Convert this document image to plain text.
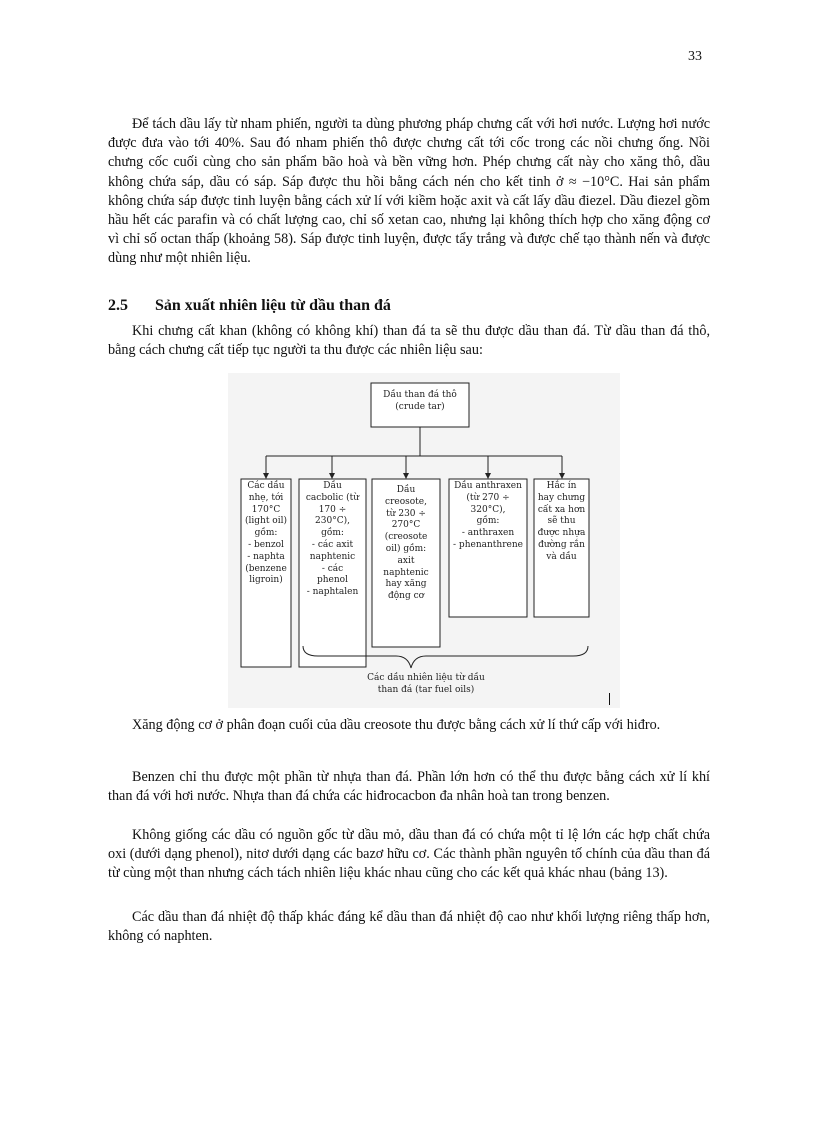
33

Để tách dầu lấy từ nham phiến, người ta dùng phương pháp chưng cất với hơi nước. Lượng hơi nước được đưa vào tới 40%. Sau đó nham phiến thô được chưng cất tới cốc trong các nồi chưng ống. Nồi chưng cốc cuối cùng cho sản phẩm bão hoà và bền vững hơn. Phép chưng cất này cho xăng thô, dầu không chứa sáp, dầu có sáp. Sáp được thu hồi bằng cách nén cho kết tinh ở ≈ −10°C. Hai sản phẩm không chứa sáp được tinh luyện bằng cách xử lí với kiềm hoặc axit và cất lấy dầu điezel. Dầu điezel gồm hầu hết các parafin và có chất lượng cao, chỉ số xetan cao, nhưng lại không thích hợp cho xăng động cơ vì chỉ số octan thấp (khoảng 58). Sáp được tinh luyện, được tẩy trắng và được chế tạo thành nến và được dùng như một nhiên liệu.

2.5 Sản xuất nhiên liệu từ dầu than đá

Khi chưng cất khan (không có không khí) than đá ta sẽ thu được dầu than đá. Từ dầu than đá thô, bằng cách chưng cất tiếp tục người ta thu được các nhiên liệu sau:

Dầu than đá thô
(crude tar)
Các dầu
nhẹ, tới
170°C
(light oil)
gồm:
- benzol
- naphta
(benzene
ligroin)
Dầu
cacbolic (từ
170 ÷
230°C),
gồm:
- các axit
naphtenic
- các
phenol
- naphtalen
Dầu
creosote,
từ 230 ÷
270°C
(creosote
oil) gồm:
axit
naphtenic
hay xăng
động cơ
Dầu anthraxen
(từ 270 ÷
320°C),
gồm:
- anthraxen
- phenanthrene
Hắc ín
hay chưng
cất xa hơn
sẽ thu
được nhựa
đường rắn
và dầu
Các dầu nhiên liệu từ dầu
than đá (tar fuel oils)

Xăng động cơ ở phân đoạn cuối của dầu creosote thu được bằng cách xử lí thứ cấp với hiđro.

Benzen chỉ thu được một phần từ nhựa than đá. Phần lớn hơn có thể thu được bằng cách xử lí khí than đá với hơi nước. Nhựa than đá chứa các hiđrocacbon đa nhân hoà tan trong benzen.

Không giống các dầu có nguồn gốc từ dầu mỏ, dầu than đá có chứa một tỉ lệ lớn các hợp chất chứa oxi (dưới dạng phenol), nitơ dưới dạng các bazơ hữu cơ. Các thành phần nguyên tố chính của dầu than đá từ cùng một than nhưng cách tách nhiên liệu khác nhau cũng cho các kết quả khác nhau (bảng 13).

Các dầu than đá nhiệt độ thấp khác đáng kể dầu than đá nhiệt độ cao như khối lượng riêng thấp hơn, không có naphten.
